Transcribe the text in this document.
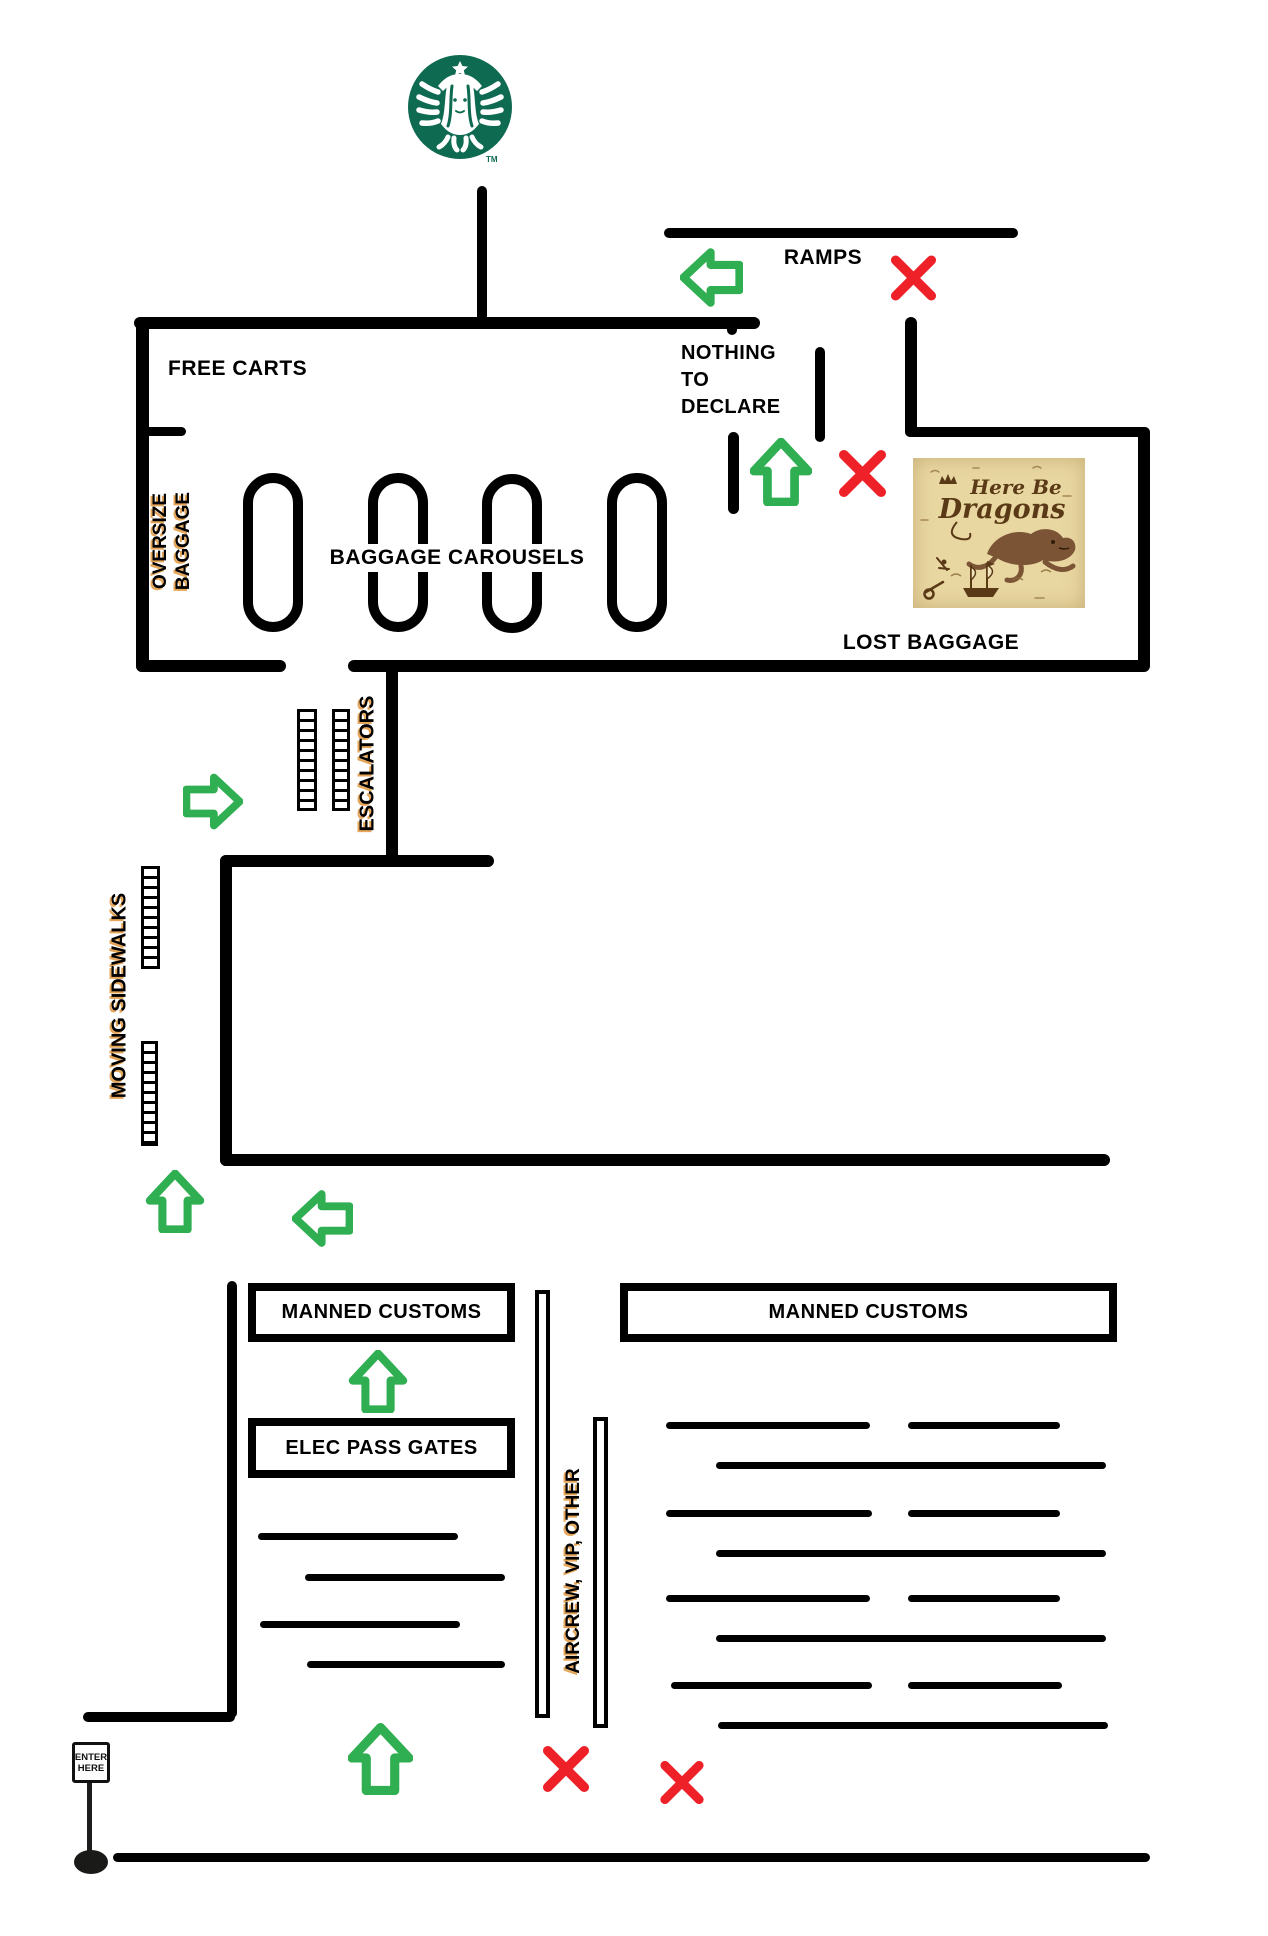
TM
MANNED CUSTOMS
ELEC PASS GATES
MANNED CUSTOMS
RAMPS
FREE CARTS
NOTHING
TO
DECLARE
BAGGAGE CAROUSELS
LOST BAGGAGE
OVERSIZE BAGGAGE
ESCALATORS
MOVING SIDEWALKS
AIRCREW, VIP, OTHER
Here Be
Dragons
ENTER
HERE
